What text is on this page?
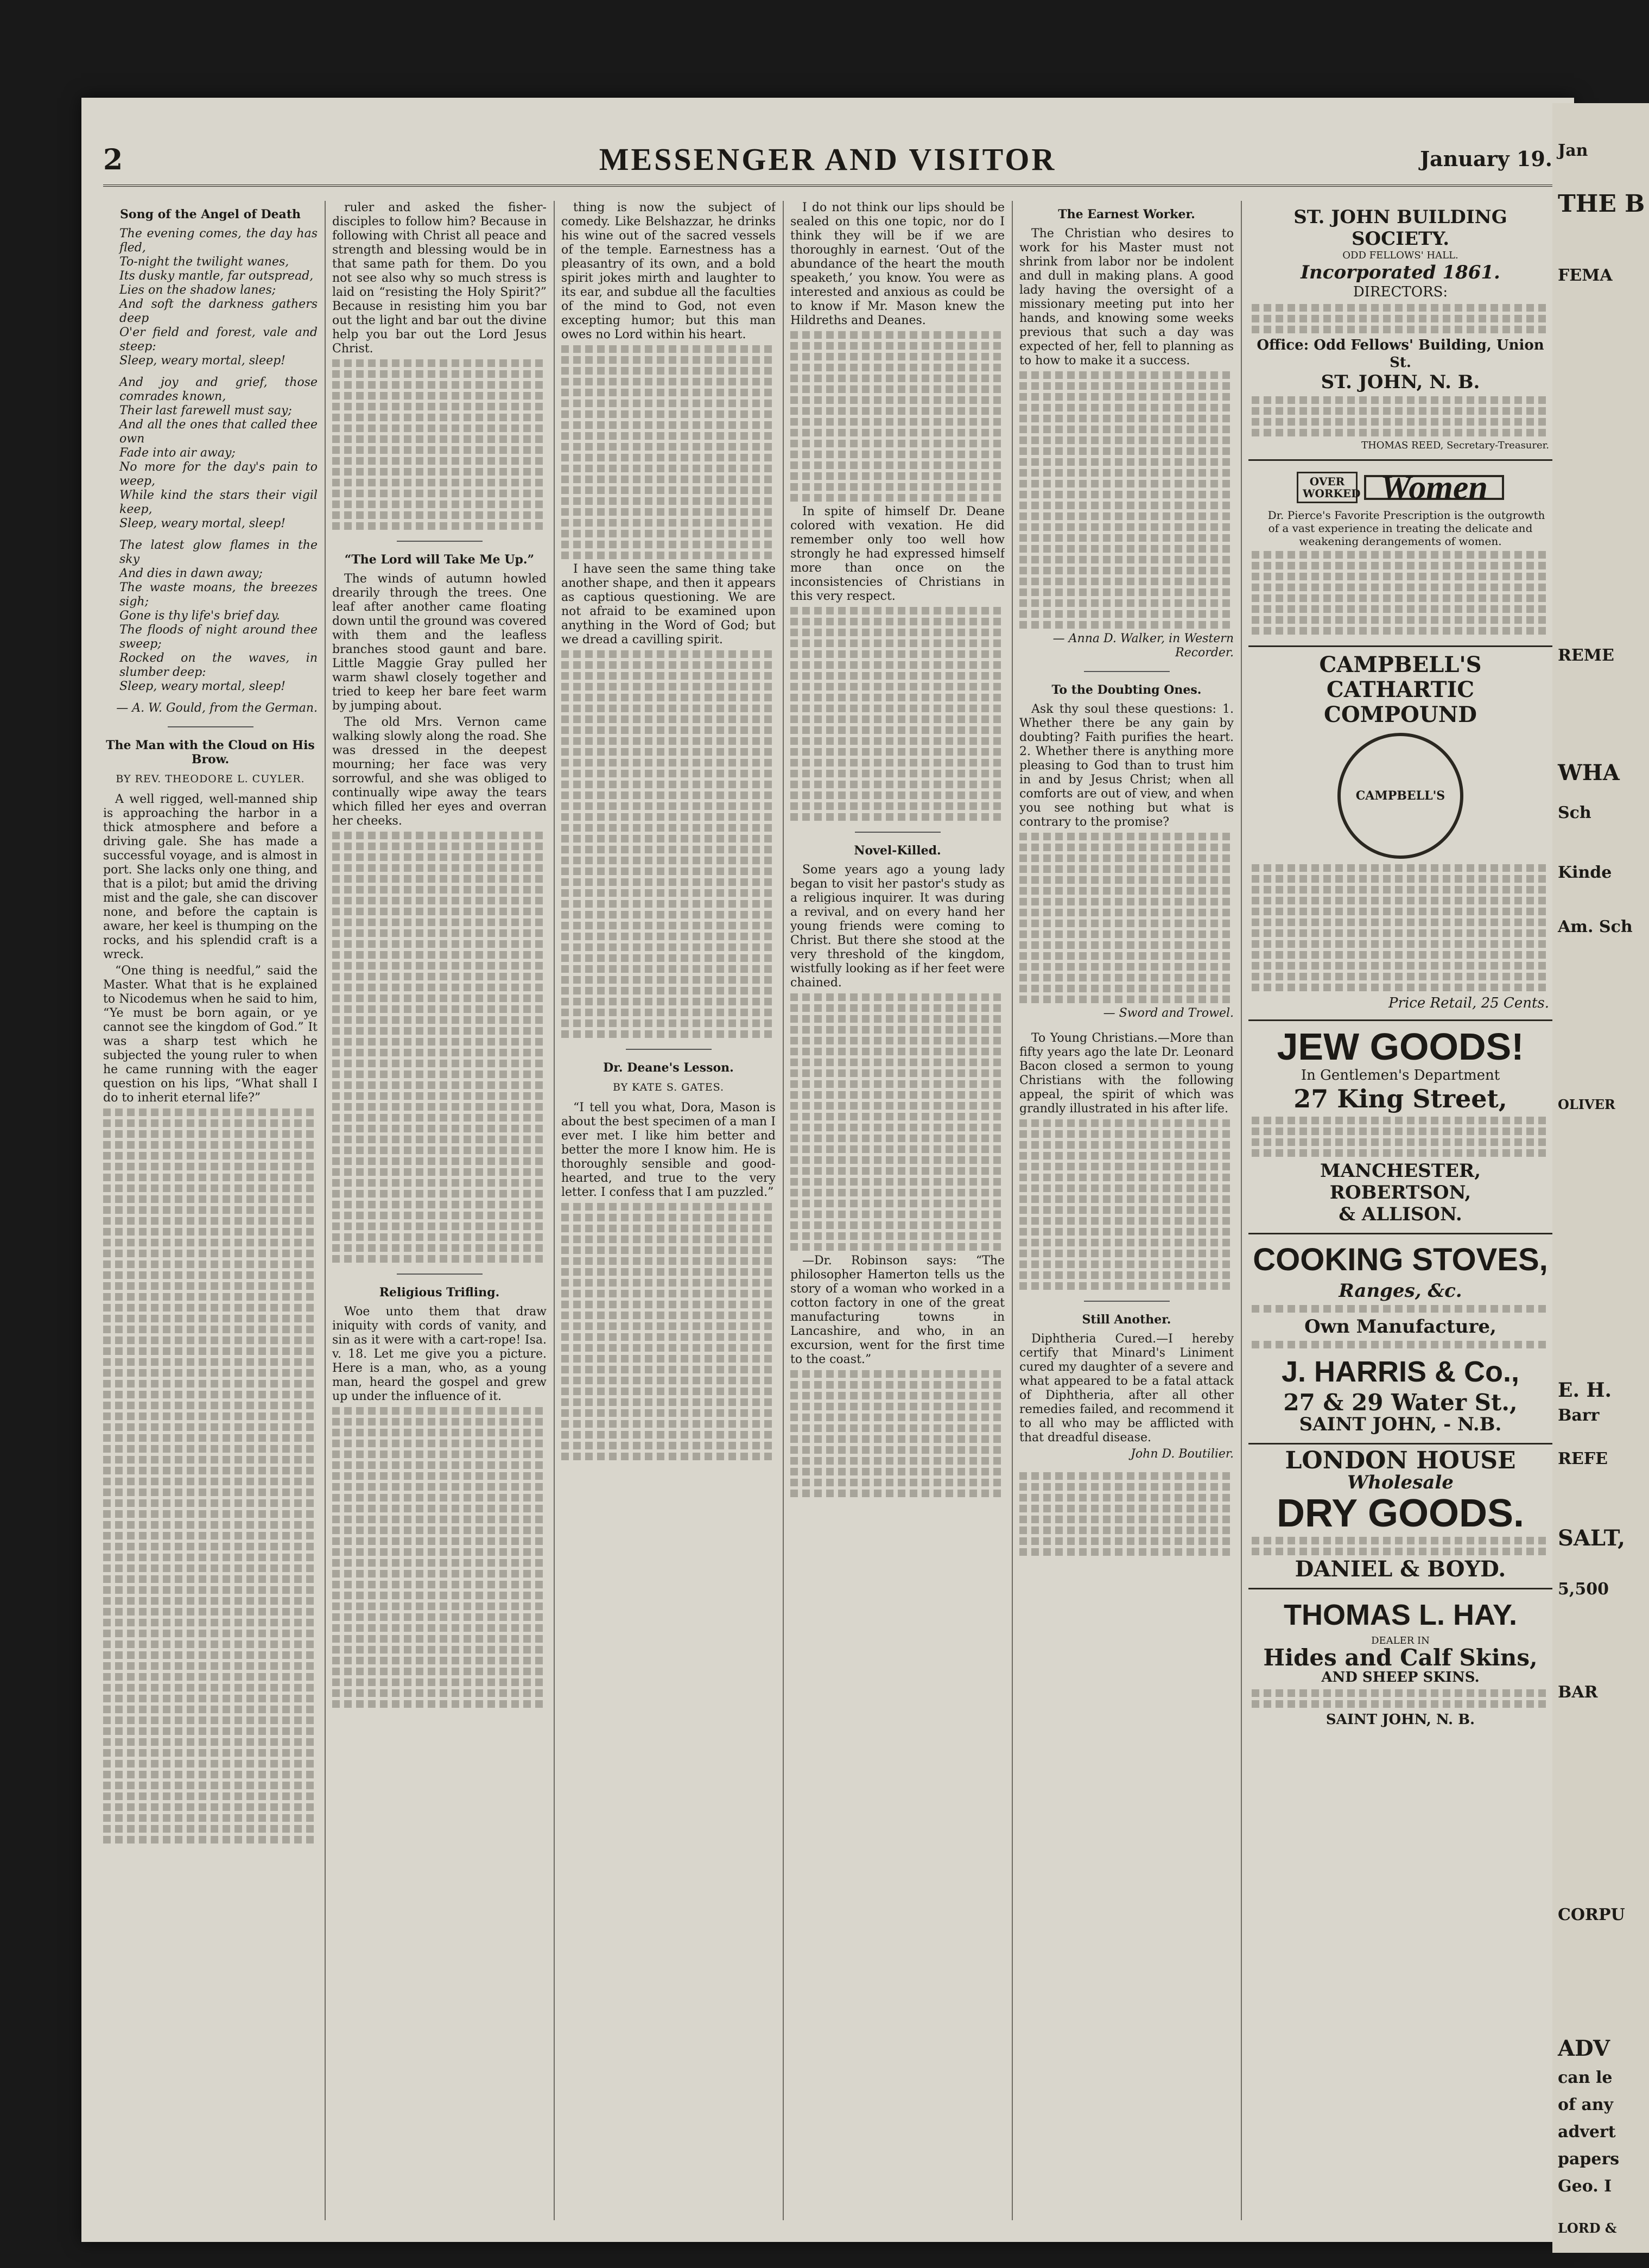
2	MESSENGER AND VISITOR	January 19.
Song of the Angel of Death
The evening comes, the day has fled,
To-night the twilight wanes,
Its dusky mantle, far outspread,
Lies on the shadow lanes;
And soft the darkness gathers deep
O'er field and forest, vale and steep:
Sleep, weary mortal, sleep!
And joy and grief, those comrades known,
Their last farewell must say;
And all the ones that called thee own
Fade into air away;
No more for the day's pain to weep,
While kind the stars their vigil keep,
Sleep, weary mortal, sleep!
The latest glow flames in the sky
And dies in dawn away;
The waste moans, the breezes sigh;
Gone is thy life's brief day.
The floods of night around thee sweep;
Rocked on the waves, in slumber deep:
Sleep, weary mortal, sleep!
— A. W. Gould, from the German.
The Man with the Cloud on His Brow.
BY REV. THEODORE L. CUYLER.

A well rigged, well-manned ship is approaching the harbor in a thick atmosphere and before a driving gale. She has made a successful voyage, and is almost in port. She lacks only one thing, and that is a pilot; but amid the driving mist and the gale, she can discover none, and before the captain is aware, her keel is thumping on the rocks, and his splendid craft is a wreck.

“One thing is needful,” said the Master. What that is he explained to Nicodemus when he said to him, “Ye must be born again, or ye cannot see the kingdom of God.” It was a sharp test which he subjected the young ruler to when he came running with the eager question on his lips, “What shall I do to inherit eternal life?”

ruler and asked the fisher-disciples to follow him? Because in following with Christ all peace and strength and blessing would be in that same path for them. Do you not see also why so much stress is laid on “resisting the Holy Spirit?” Because in resisting him you bar out the light and bar out the divine help you bar out the Lord Jesus Christ.

“The Lord will Take Me Up.”

The winds of autumn howled drearily through the trees. One leaf after another came floating down until the ground was covered with them and the leafless branches stood gaunt and bare. Little Maggie Gray pulled her warm shawl closely together and tried to keep her bare feet warm by jumping about.

The old Mrs. Vernon came walking slowly along the road. She was dressed in the deepest mourning; her face was very sorrowful, and she was obliged to continually wipe away the tears which filled her eyes and overran her cheeks.

Religious Trifling.

Woe unto them that draw iniquity with cords of vanity, and sin as it were with a cart-rope! Isa. v. 18. Let me give you a picture. Here is a man, who, as a young man, heard the gospel and grew up under the influence of it.

thing is now the subject of comedy. Like Belshazzar, he drinks his wine out of the sacred vessels of the temple. Earnestness has a pleasantry of its own, and a bold spirit jokes mirth and laughter to its ear, and subdue all the faculties of the mind to God, not even excepting humor; but this man owes no Lord within his heart.

I have seen the same thing take another shape, and then it appears as captious questioning. We are not afraid to be examined upon anything in the Word of God; but we dread a cavilling spirit.

Dr. Deane's Lesson.
BY KATE S. GATES.

“I tell you what, Dora, Mason is about the best specimen of a man I ever met. I like him better and better the more I know him. He is thoroughly sensible and good-hearted, and true to the very letter. I confess that I am puzzled.”

I do not think our lips should be sealed on this one topic, nor do I think they will be if we are thoroughly in earnest. ‘Out of the abundance of the heart the mouth speaketh,’ you know. You were as interested and anxious as could be to know if Mr. Mason knew the Hildreths and Deanes.

In spite of himself Dr. Deane colored with vexation. He did remember only too well how strongly he had expressed himself more than once on the inconsistencies of Christians in this very respect.

Novel-Killed.

Some years ago a young lady began to visit her pastor's study as a religious inquirer. It was during a revival, and on every hand her young friends were coming to Christ. But there she stood at the very threshold of the kingdom, wistfully looking as if her feet were chained.

—Dr. Robinson says: “The philosopher Hamerton tells us the story of a woman who worked in a cotton factory in one of the great manufacturing towns in Lancashire, and who, in an excursion, went for the first time to the coast.”

The Earnest Worker.

The Christian who desires to work for his Master must not shrink from labor nor be indolent and dull in making plans. A good lady having the oversight of a missionary meeting put into her hands, and knowing some weeks previous that such a day was expected of her, fell to planning as to how to make it a success.

— Anna D. Walker, in Western Recorder.
To the Doubting Ones.

Ask thy soul these questions: 1. Whether there be any gain by doubting? Faith purifies the heart. 2. Whether there is anything more pleasing to God than to trust him in and by Jesus Christ; when all comforts are out of view, and when you see nothing but what is contrary to the promise?

— Sword and Trowel.

To Young Christians.—More than fifty years ago the late Dr. Leonard Bacon closed a sermon to young Christians with the following appeal, the spirit of which was grandly illustrated in his after life.

Still Another.

Diphtheria Cured.—I hereby certify that Minard's Liniment cured my daughter of a severe and what appeared to be a fatal attack of Diphtheria, after all other remedies failed, and recommend it to all who may be afflicted with that dreadful disease.

John D. Boutilier.
ST. JOHN BUILDING SOCIETY.
ODD FELLOWS' HALL.
Incorporated 1861.
DIRECTORS:
Office: Odd Fellows' Building, Union St.
ST. JOHN, N. B.
THOMAS REED, Secretary-Treasurer.
OVER WORKED Women

Dr. Pierce's Favorite Prescription is the outgrowth of a vast experience in treating the delicate and weakening derangements of women.

CAMPBELL'S CATHARTIC COMPOUND
CAMPBELL'S
Price Retail, 25 Cents.
JEW GOODS!
In Gentlemen's Department
27 King Street,
MANCHESTER,
ROBERTSON,
& ALLISON.
COOKING STOVES,
Ranges, &c.
Own Manufacture,
J. HARRIS & Co.,
27 & 29 Water St.,
SAINT JOHN, - N.B.
LONDON HOUSE
Wholesale
DRY GOODS.
DANIEL & BOYD.
THOMAS L. HAY.
DEALER IN
Hides and Calf Skins,
AND SHEEP SKINS.
SAINT JOHN, N. B.
Jan
THE B
FEMA
REME
WHA
Sch
Kinde
Am. Sch
OLIVER
E. H.
Barr
REFE
SALT,
5,500
BAR
CORPU
ADV
can le
of any
advert
papers
Geo. I
LORD &
